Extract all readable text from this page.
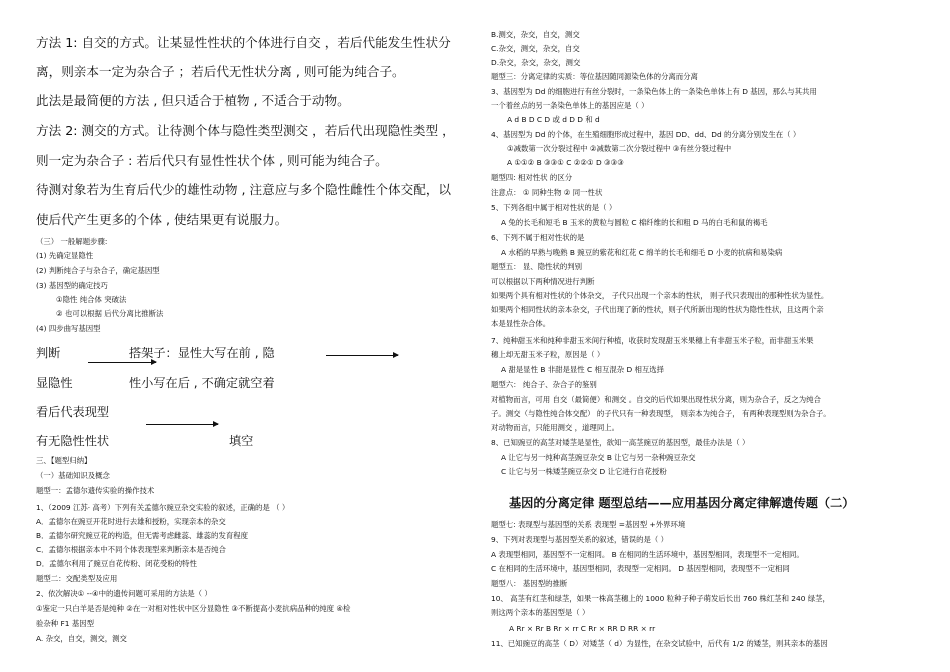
方法 1: 自交的方式。让某显性性状的个体进行自交 ，若后代能发生性状分
离，则亲本一定为杂合子 ；若后代无性状分离 , 则可能为纯合子。
此法是最简便的方法 , 但只适合于植物 , 不适合于动物。
方法 2: 测交的方式。让待测个体与隐性类型测交 ，若后代出现隐性类型 ，
则一定为杂合子 : 若后代只有显性性状个体 , 则可能为纯合子。
待测对象若为生育后代少的雄性动物 , 注意应与多个隐性雌性个体交配，以
使后代产生更多的个体 , 使结果更有说服力。
（三） 一般解题步骤:
(1) 先确定显隐性
(2) 判断纯合子与杂合子，确定基因型
(3) 基因型的确定技巧
①隐性 纯合体 突破法
② 也可以根据 后代分离比推断法
(4) 四步曲写基因型
判断	搭架子：显性大写在前 , 隐
显隐性	性小写在后 , 不确定就空着
看后代表现型
有无隐性性状	填空
三、【题型归纳】
（一）基础知识及概念
题型一：孟德尔遗传实验的操作技术
1、（2009 江苏· 高考）下列有关孟德尔豌豆杂交实验的叙述，正确的是 （ ）
A．孟德尔在豌豆开花时进行去雄和授粉，实现亲本的杂交
B．孟德尔研究豌豆花的构造，但无需考虑雌蕊、雄蕊的发育程度
C．孟德尔根据亲本中不同个体表现型来判断亲本是否纯合
D．孟德尔利用了豌豆自花传粉、闭花受粉的特性
题型二：交配类型及应用
2、依次解决① --④中的遗传问题可采用的方法是（ ）
①鉴定一只白羊是否是纯种 ②在一对相对性状中区分显隐性 ③不断提高小麦抗病品种的纯度 ④检
验杂种 F1 基因型
A. 杂交，自交，测交，测交
B.测交，杂交，自交，测交
C.杂交，测交，杂交，自交
D.杂交，杂交，杂交，测交
题型三：分离定律的实质：等位基因随同源染色体的分离而分离
3、基因型为 Dd 的细胞进行有丝分裂时，一条染色体上的一条染色单体上有 D 基因，那么与其共用
一个着丝点的另一条染色单体上的基因应是（ ）
A d B D C D 或 d D D 和 d
4、基因型为 Dd 的个体，在生殖细胞形成过程中，基因 DD、dd、Dd 的分离分别发生在（ ）
①减数第一次分裂过程中 ②减数第二次分裂过程中 ③有丝分裂过程中
A ①①② B ③③① C ②②① D ③③③
题型四: 相对性状 的区分
注意点： ① 同种生物 ② 同一性状
5、下列各组中属于相对性状的是（ ）
A 兔的长毛和短毛 B 玉米的黄粒与圆粒 C 棉纤维的长和粗 D 马的白毛和鼠的褐毛
6、下列不属于相对性状的是
A 水稻的早熟与晚熟 B 豌豆的紫花和红花 C 绵羊的长毛和细毛 D 小麦的抗病和易染病
题型五： 显、隐性状的判别
可以根据以下两种情况进行判断
如果两个具有相对性状的个体杂交， 子代只出现一个亲本的性状， 则子代只表现出的那种性状为显性。
如果两个相同性状的亲本杂交，子代出现了新的性状，则子代所新出现的性状为隐性性状，且这两个亲
本是显性杂合体。
7、纯种甜玉米和纯种非甜玉米间行种植，收获时发现甜玉米果穗上有非甜玉米子粒，而非甜玉米果
穗上却无甜玉米子粒，原因是（ ）
A 甜是显性 B 非甜是显性 C 相互混杂 D 相互选择
题型六： 纯合子、杂合子的鉴别
对植物而言，可用 自交（最简便）和测交 。自交的后代如果出现性状分离，则为杂合子，反之为纯合
子。测交（与隐性纯合体交配） 的子代只有一种表现型， 则亲本为纯合子， 有两种表现型则为杂合子。
对动物而言，只能用测交 ，道理同上。
8、已知豌豆的高茎对矮茎是显性，欲知一高茎豌豆的基因型，最佳办法是（ ）
A 让它与另一纯种高茎豌豆杂交 B 让它与另一杂种豌豆杂交
C 让它与另一株矮茎豌豆杂交 D 让它进行自花授粉
基因的分离定律 题型总结——应用基因分离定律解遗传题（二）
题型七: 表现型与基因型的关系 表现型 =基因型 +外界环境
9、下列对表现型与基因型关系的叙述，错误的是（ ）
A 表现型相同，基因型不一定相同。 B 在相同的生活环境中，基因型相同，表现型不一定相同。
C 在相同的生活环境中，基因型相同，表现型一定相同。 D 基因型相同，表现型不一定相同
题型八： 基因型的推断
10、 高茎有红茎和绿茎，如果一株高茎穗上的 1000 粒种子种子萌发后长出 760 株红茎和 240 绿茎，
则这两个亲本的基因型是（ ）
A Rr × Rr B Rr × rr C Rr × RR D RR × rr
11、已知豌豆的高茎（ D）对矮茎（ d）为显性，在杂交试验中，后代有 1/2 的矮茎，则其亲本的基因
